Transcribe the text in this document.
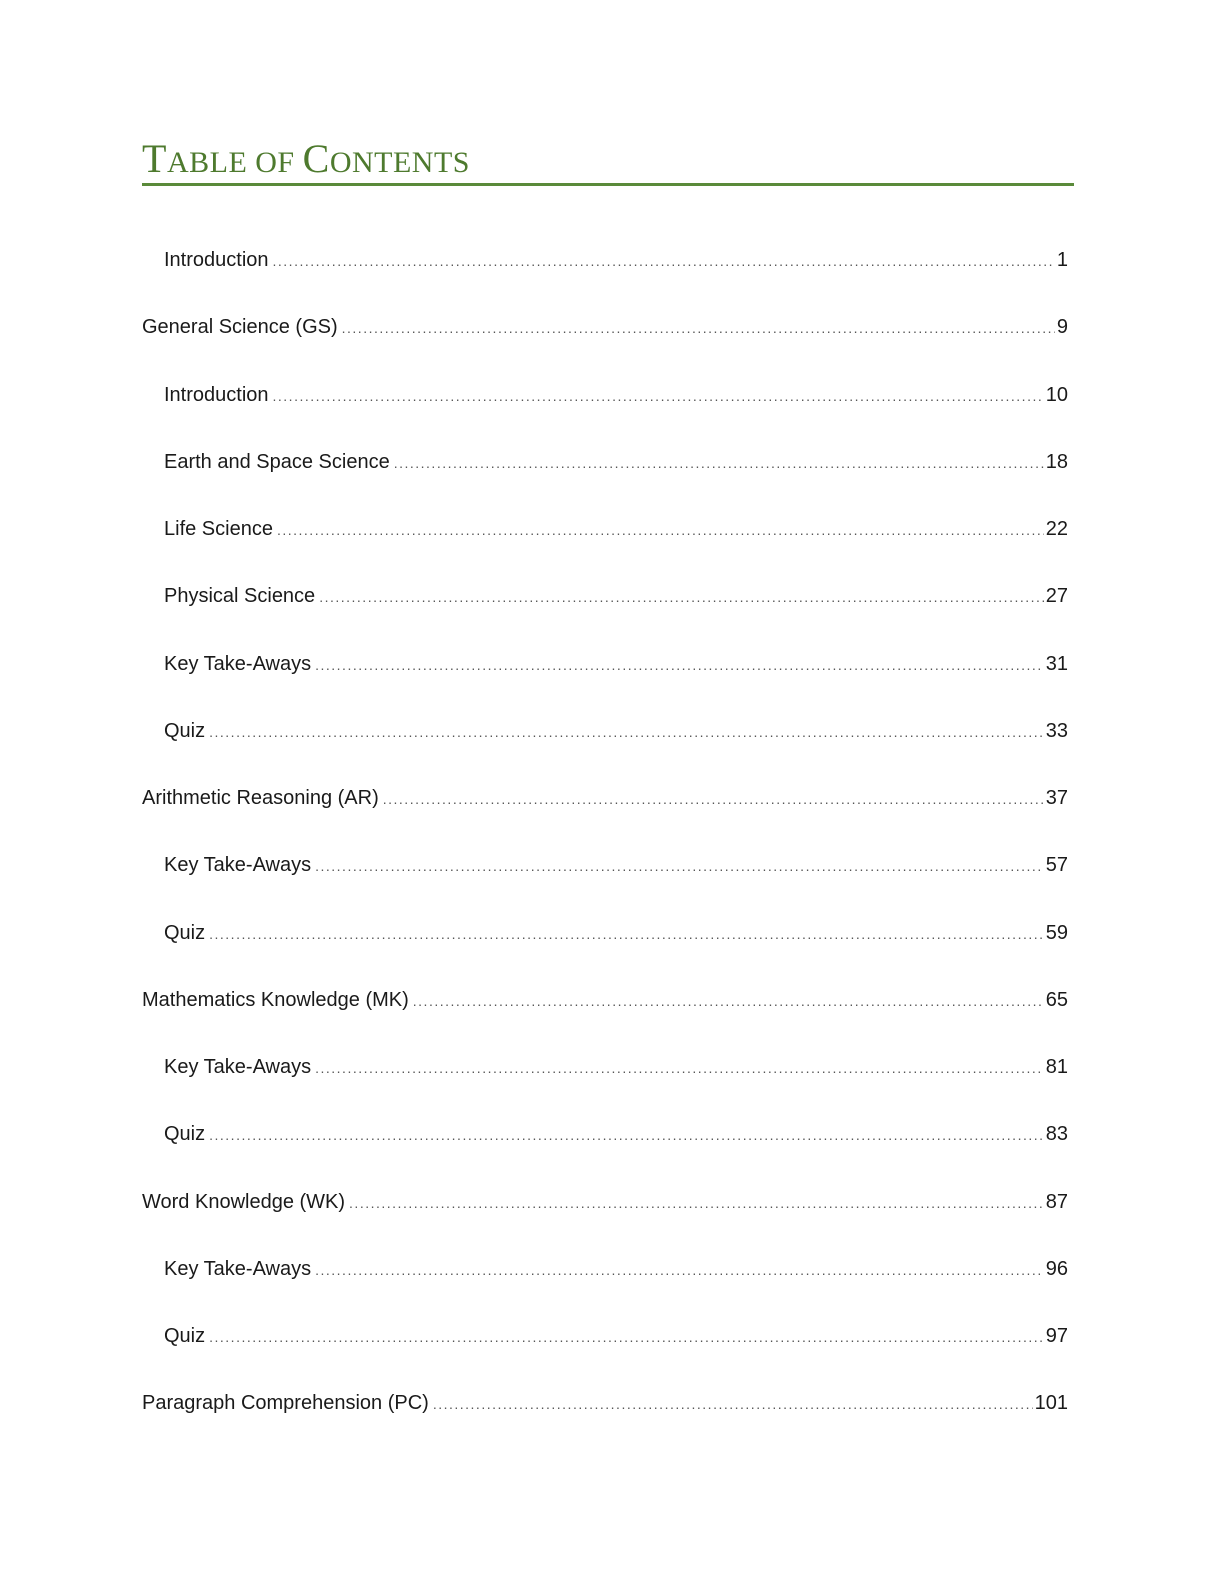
TABLE OF CONTENTS
Introduction .....	1
General Science (GS) .....	9
Introduction .....	10
Earth and Space Science .....	18
Life Science .....	22
Physical Science .....	27
Key Take-Aways .....	31
Quiz .....	33
Arithmetic Reasoning (AR) .....	37
Key Take-Aways .....	57
Quiz .....	59
Mathematics Knowledge (MK) .....	65
Key Take-Aways .....	81
Quiz .....	83
Word Knowledge (WK) .....	87
Key Take-Aways .....	96
Quiz .....	97
Paragraph Comprehension (PC) .....	101
